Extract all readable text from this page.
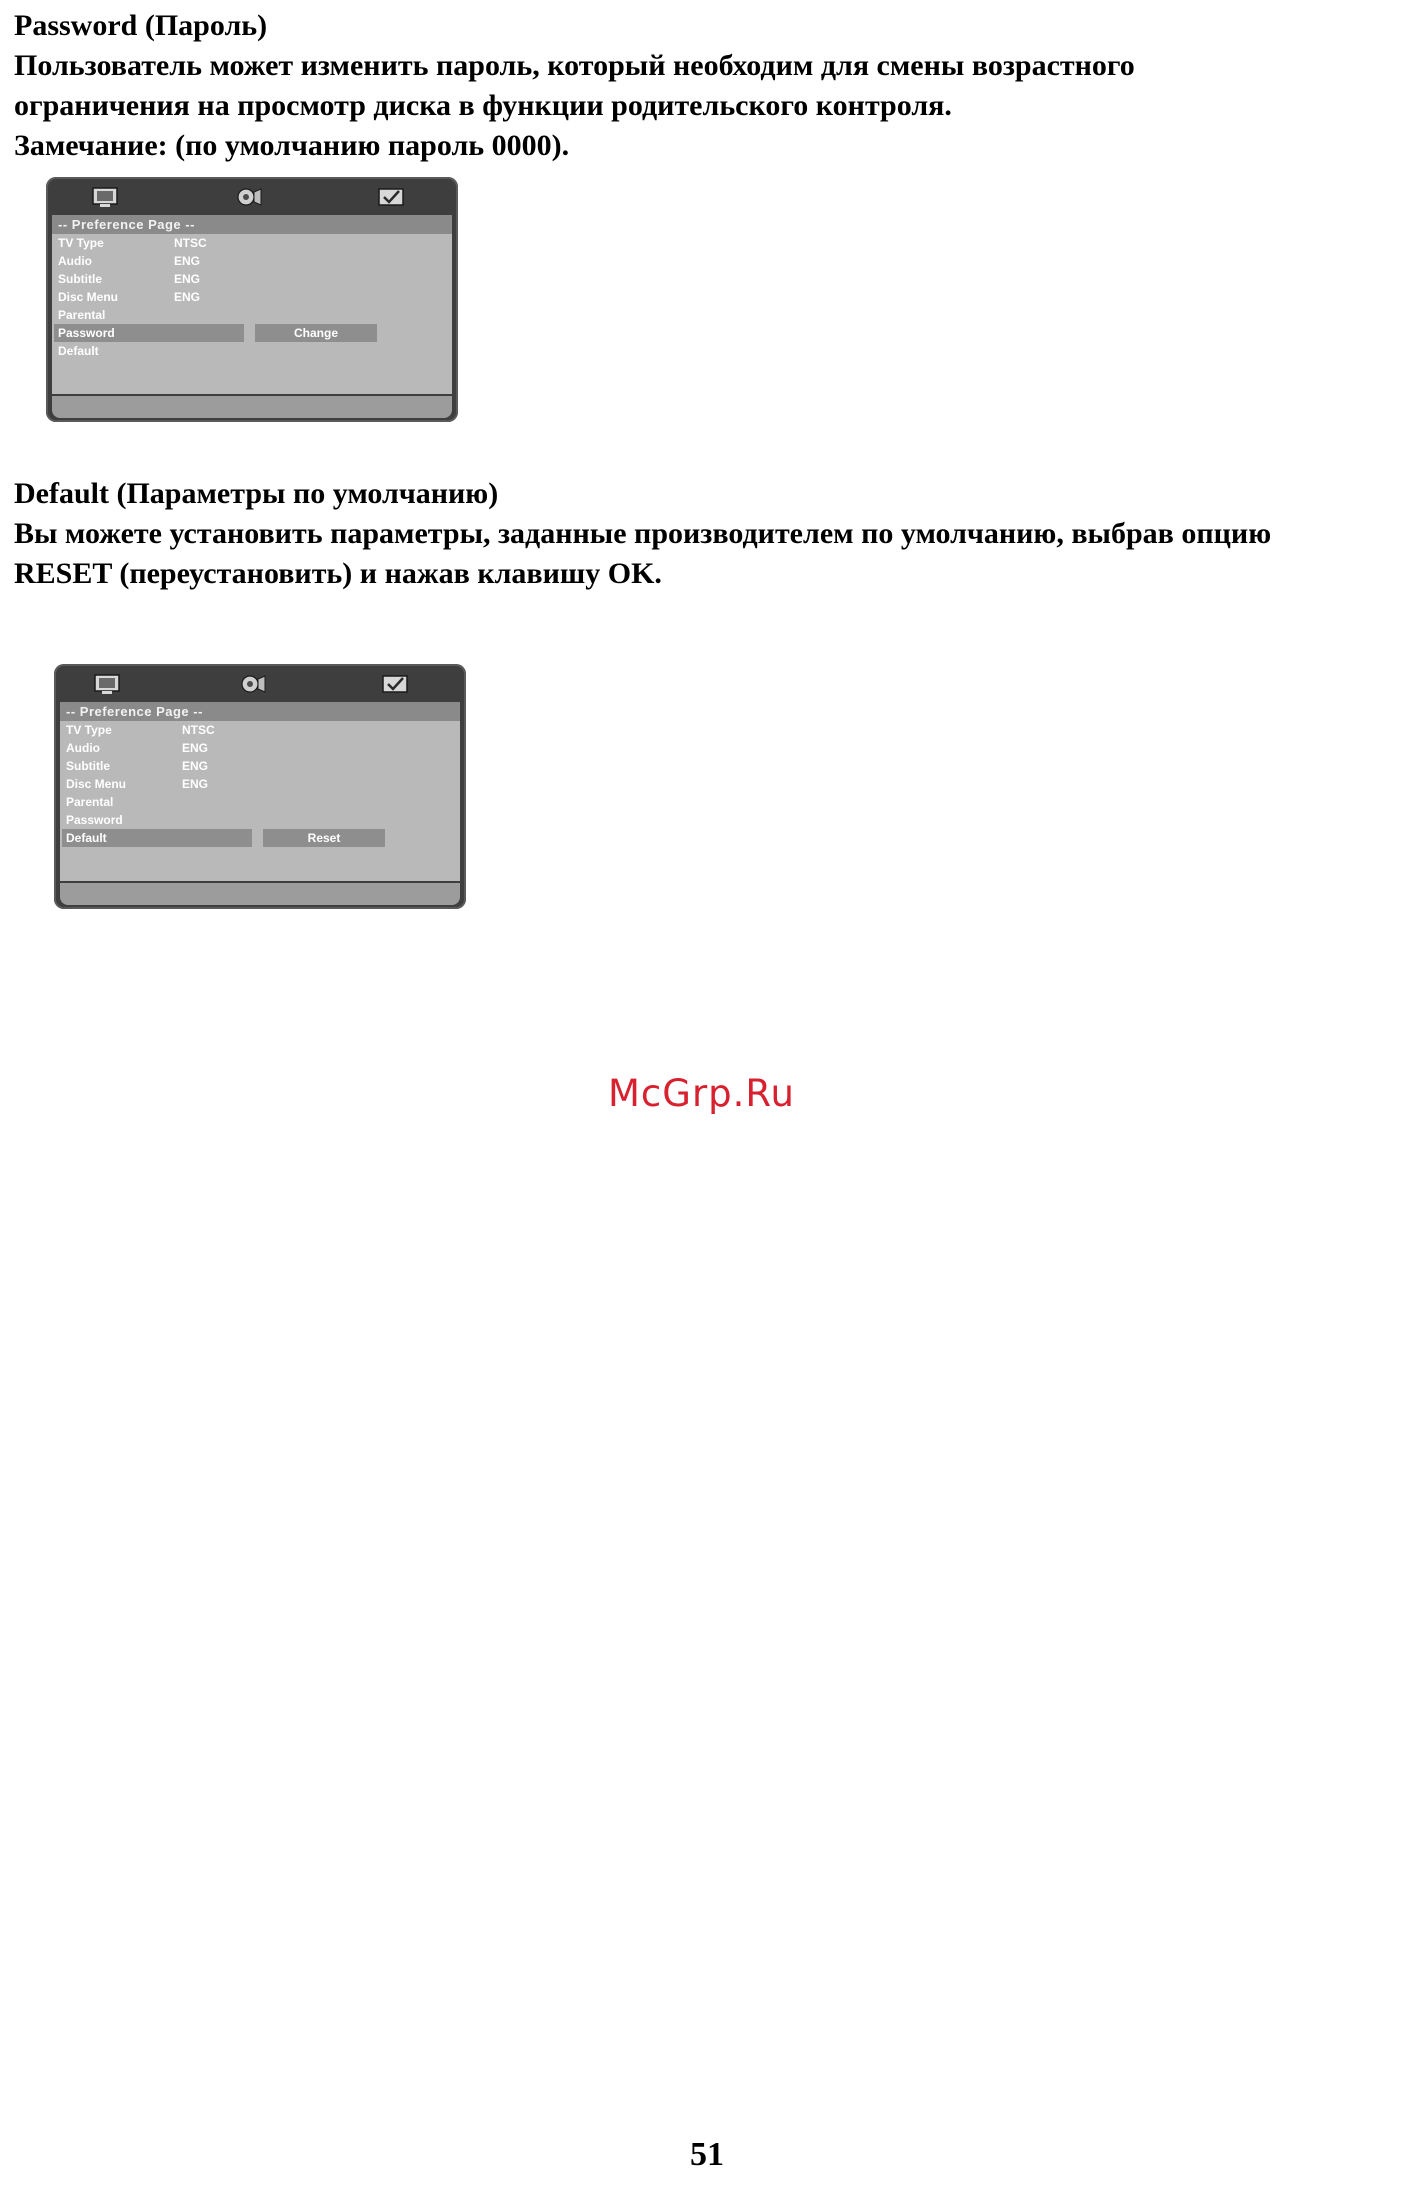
Password (Пароль)

Пользователь может изменить пароль, который необходим для смены возрастного

ограничения на просмотр диска в функции родительского контроля.

Замечание: (по умолчанию пароль 0000).

-- Preference Page --
TV Type	NTSC
Audio	ENG
Subtitle	ENG
Disc Menu	ENG
Parental
Password	Change
Default

Default (Параметры по умолчанию)

Вы можете установить параметры, заданные производителем по умолчанию, выбрав опцию

RESET (переустановить) и нажав клавишу OK.

-- Preference Page --
TV Type	NTSC
Audio	ENG
Subtitle	ENG
Disc Menu	ENG
Parental
Password
Default	Reset
McGrp.Ru
51
